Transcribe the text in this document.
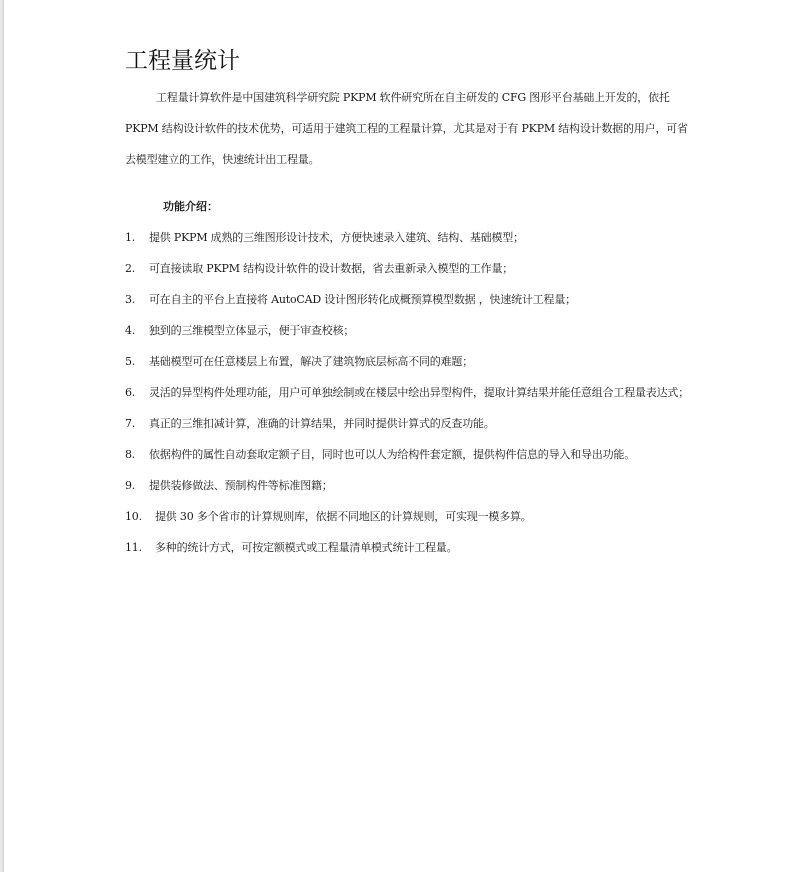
工程量统计

工程量计算软件是中国建筑科学研究院 PKPM 软件研究所在自主研发的 CFG 图形平台基础上开发的，依托 PKPM 结构设计软件的技术优势，可适用于建筑工程的工程量计算，尤其是对于有 PKPM 结构设计数据的用户，可省去模型建立的工作，快速统计出工程量。

功能介绍：
1. 提供 PKPM 成熟的三维图形设计技术，方便快速录入建筑、结构、基础模型；
2. 可直接读取 PKPM 结构设计软件的设计数据，省去重新录入模型的工作量；
3. 可在自主的平台上直接将 AutoCAD 设计图形转化成概预算模型数据 ，快速统计工程量；
4. 独到的三维模型立体显示，便于审查校核；
5. 基础模型可在任意楼层上布置，解决了建筑物底层标高不同的难题；
6. 灵活的异型构件处理功能，用户可单独绘制或在楼层中绘出异型构件，提取计算结果并能任意组合工程量表达式；
7. 真正的三维扣减计算，准确的计算结果，并同时提供计算式的反查功能。
8. 依据构件的属性自动套取定额子目，同时也可以人为给构件套定额，提供构件信息的导入和导出功能。
9. 提供装修做法、预制构件等标准图籍；
10. 提供 30 多个省市的计算规则库，依据不同地区的计算规则，可实现一模多算。
11. 多种的统计方式，可按定额模式或工程量清单模式统计工程量。
